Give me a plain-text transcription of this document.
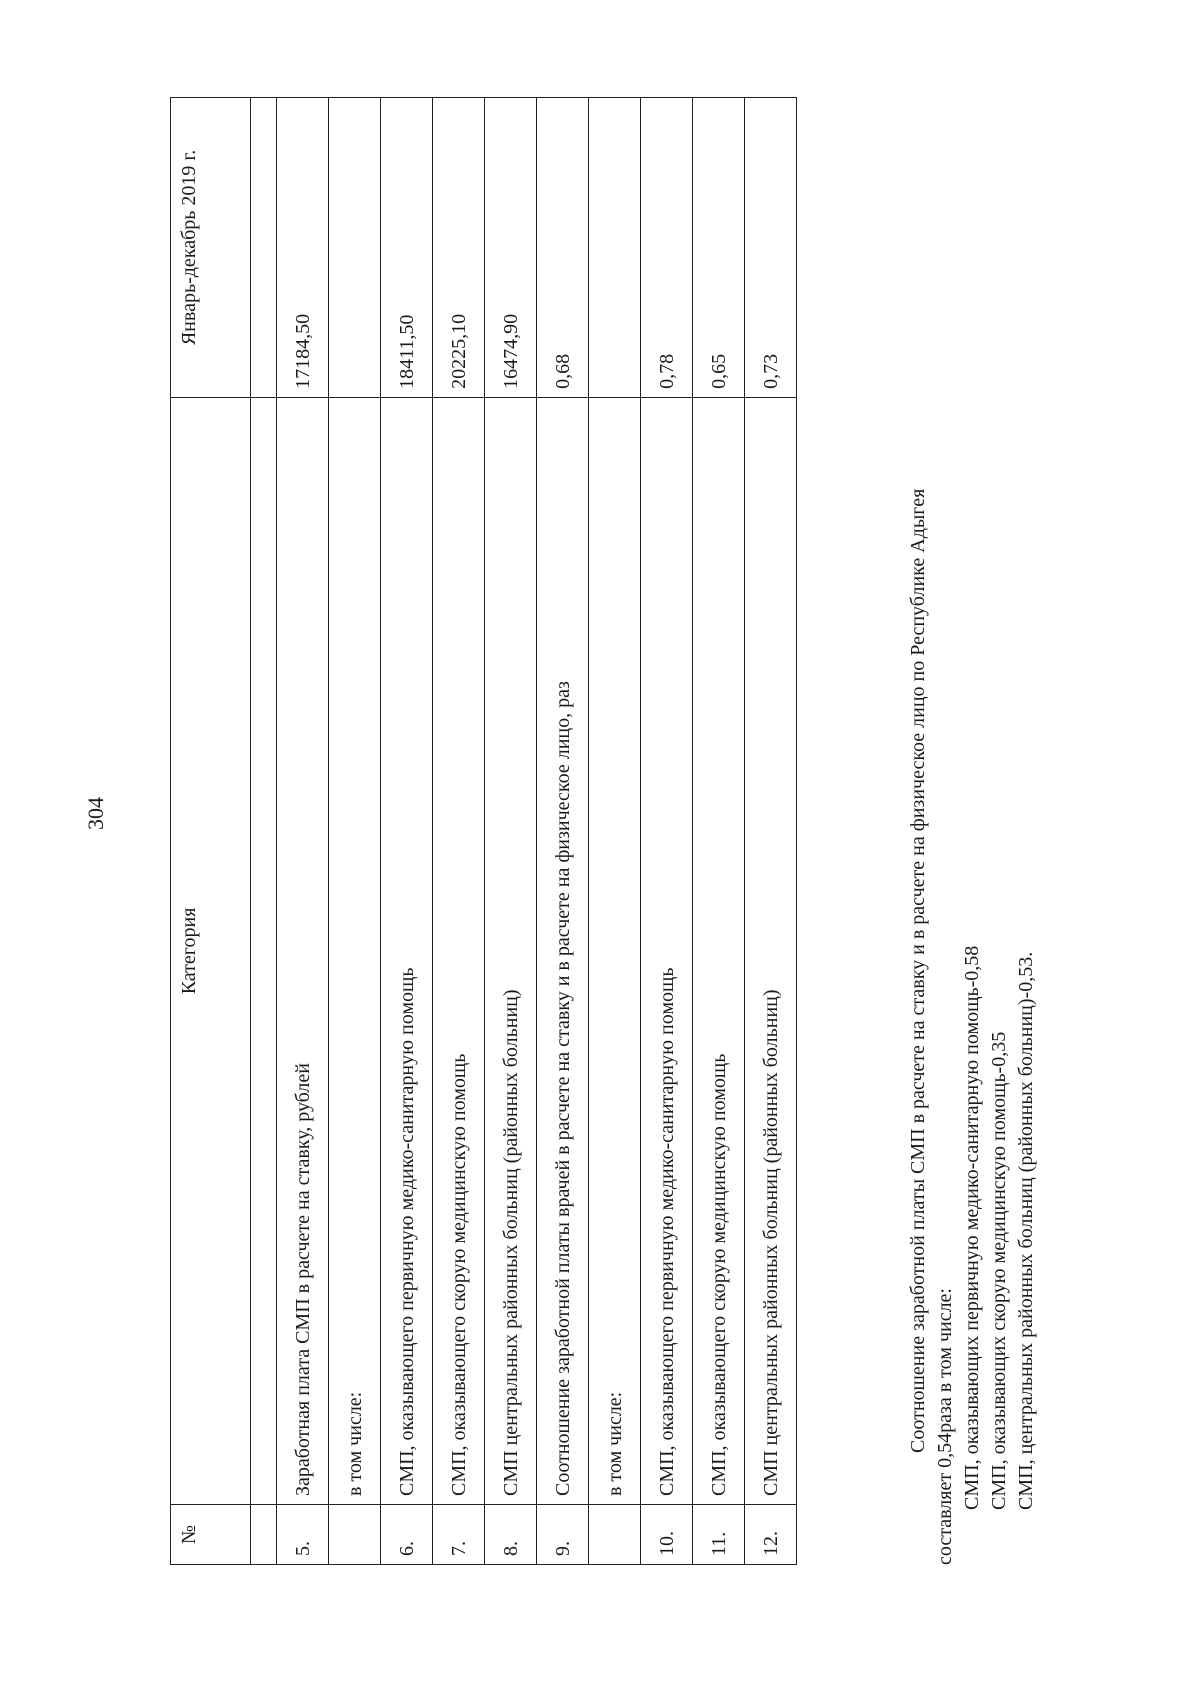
304
№	Категория	Январь-декабрь 2019 г.

5.	Заработная плата СМП в расчете на ставку, рублей	17184,50
	в том числе:	
6.	СМП, оказывающего первичную медико-санитарную помощь	18411,50
7.	СМП, оказывающего скорую медицинскую помощь	20225,10
8.	СМП центральных районных больниц (районных больниц)	16474,90
9.	Соотношение заработной платы врачей в расчете на ставку и в расчете на физическое лицо, раз	0,68
	в том числе:	
10.	СМП, оказывающего первичную медико-санитарную помощь	0,78
11.	СМП, оказывающего скорую медицинскую помощь	0,65
12.	СМП центральных районных больниц (районных больниц)	0,73

Соотношение заработной платы СМП в расчете на ставку и в расчете на физическое лицо по Республике Адыгея составляет 0,54раза в том числе: СМП, оказывающих первичную медико-санитарную помощь-0,58 СМП, оказывающих скорую медицинскую помощь-0,35 СМП, центральных районных больниц (районных больниц)-0,53.
